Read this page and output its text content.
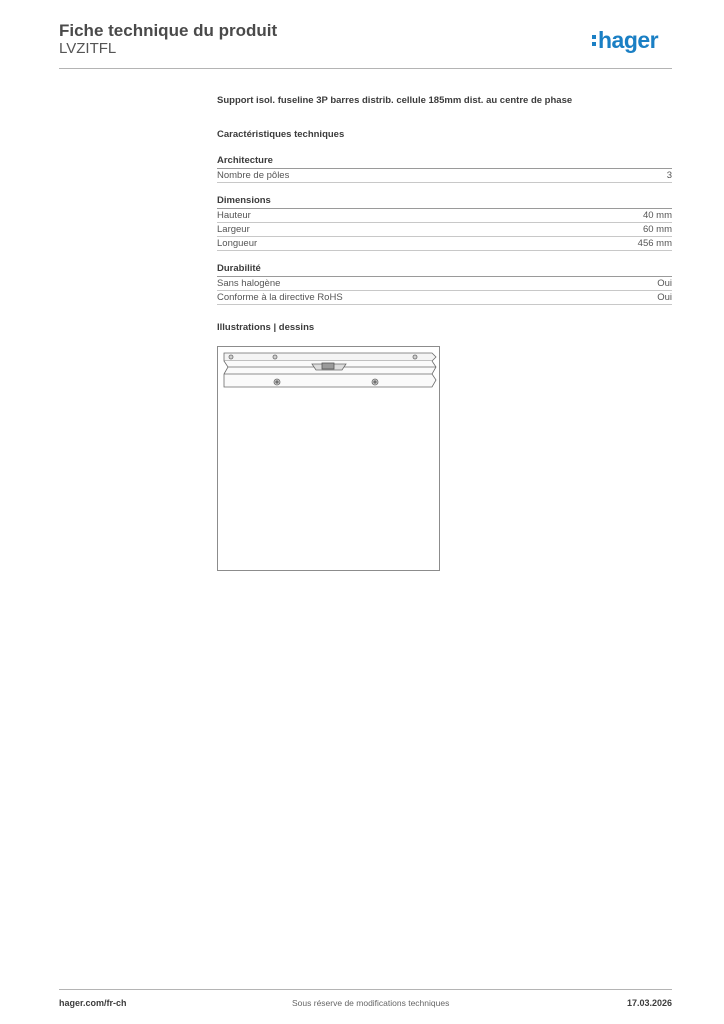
Fiche technique du produit
LVZITFL	hager
Support isol. fuseline 3P barres distrib. cellule 185mm dist. au centre de phase
Caractéristiques techniques
Architecture
Nombre de pôles	3
Dimensions
Hauteur	40 mm
Largeur	60 mm
Longueur	456 mm
Durabilité
Sans halogène	Oui
Conforme à la directive RoHS	Oui
Illustrations | dessins
hager.com/fr-ch	Sous réserve de modifications techniques	17.03.2026
